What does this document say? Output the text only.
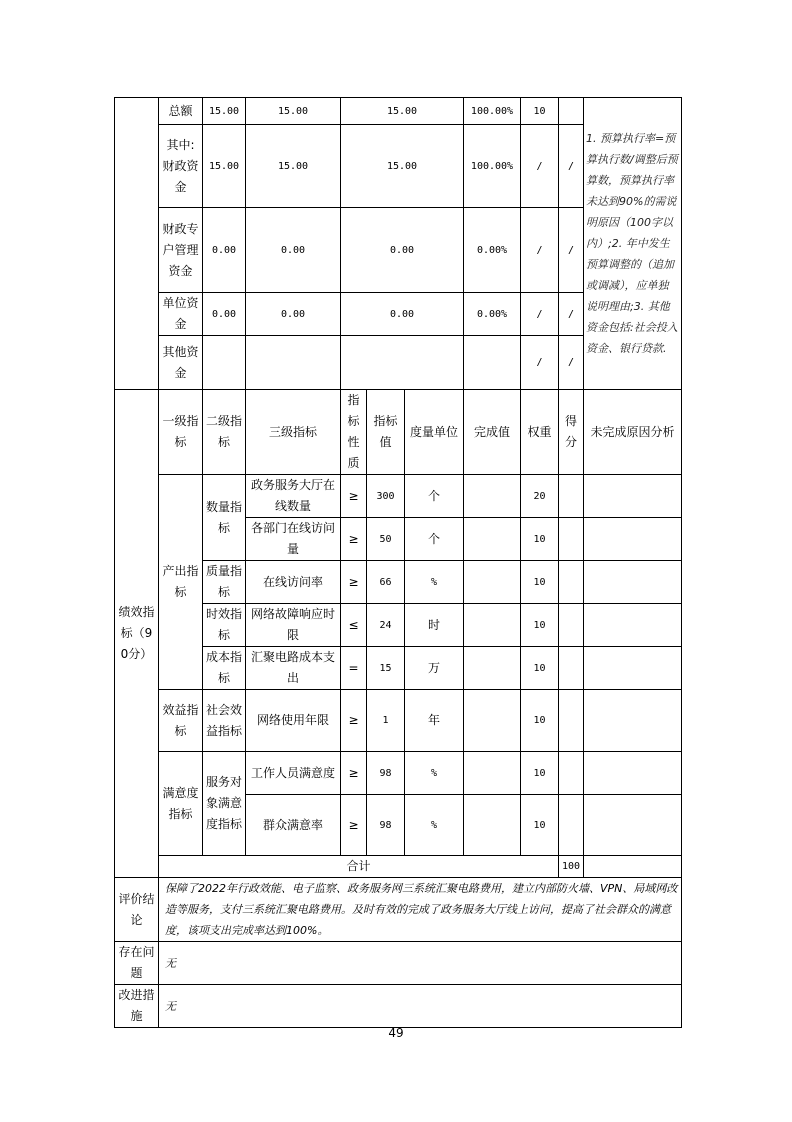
	总额	15.00	15.00	15.00			100.00%	10		1. 预算执行率=预算执行数/调整后预算数，预算执行率未达到90%的需说明原因（100字以内）;2. 年中发生预算调整的（追加或调减），应单独说明理由;3. 其他资金包括:社会投入资金、银行贷款.	
	其中:财政资金	15.00	15.00	15.00			100.00%	/	/		
	财政专户管理资金	0.00	0.00	0.00			0.00%	/	/		
	单位资金	0.00	0.00	0.00			0.00%	/	/		
	其他资金							/	/		
绩效指标（90分）	一级指标	二级指标	三级指标	指标性质	指标值	度量单位	完成值	权重	得分	未完成原因分析	
	产出指标	数量指标	政务服务大厅在线数量	≥	300	个		20			
			各部门在线访问量	≥	50	个		10			
		质量指标	在线访问率	≥	66	%		10			
		时效指标	网络故障响应时限	≤	24	时		10			
		成本指标	汇聚电路成本支出	=	15	万		10			
	效益指标	社会效益指标	网络使用年限	≥	1	年		10			
	满意度指标	服务对象满意度指标	工作人员满意度	≥	98	%		10			
			群众满意率	≥	98	%		10			
	合计								100		
评价结论	保障了2022年行政效能、电子监察、政务服务网三系统汇聚电路费用，建立内部防火墙、VPN、局域网改造等服务，支付三系统汇聚电路费用。及时有效的完成了政务服务大厅线上访问，提高了社会群众的满意度，该项支出完成率达到100%。										
存在问题	无										
改进措施	无										
49
